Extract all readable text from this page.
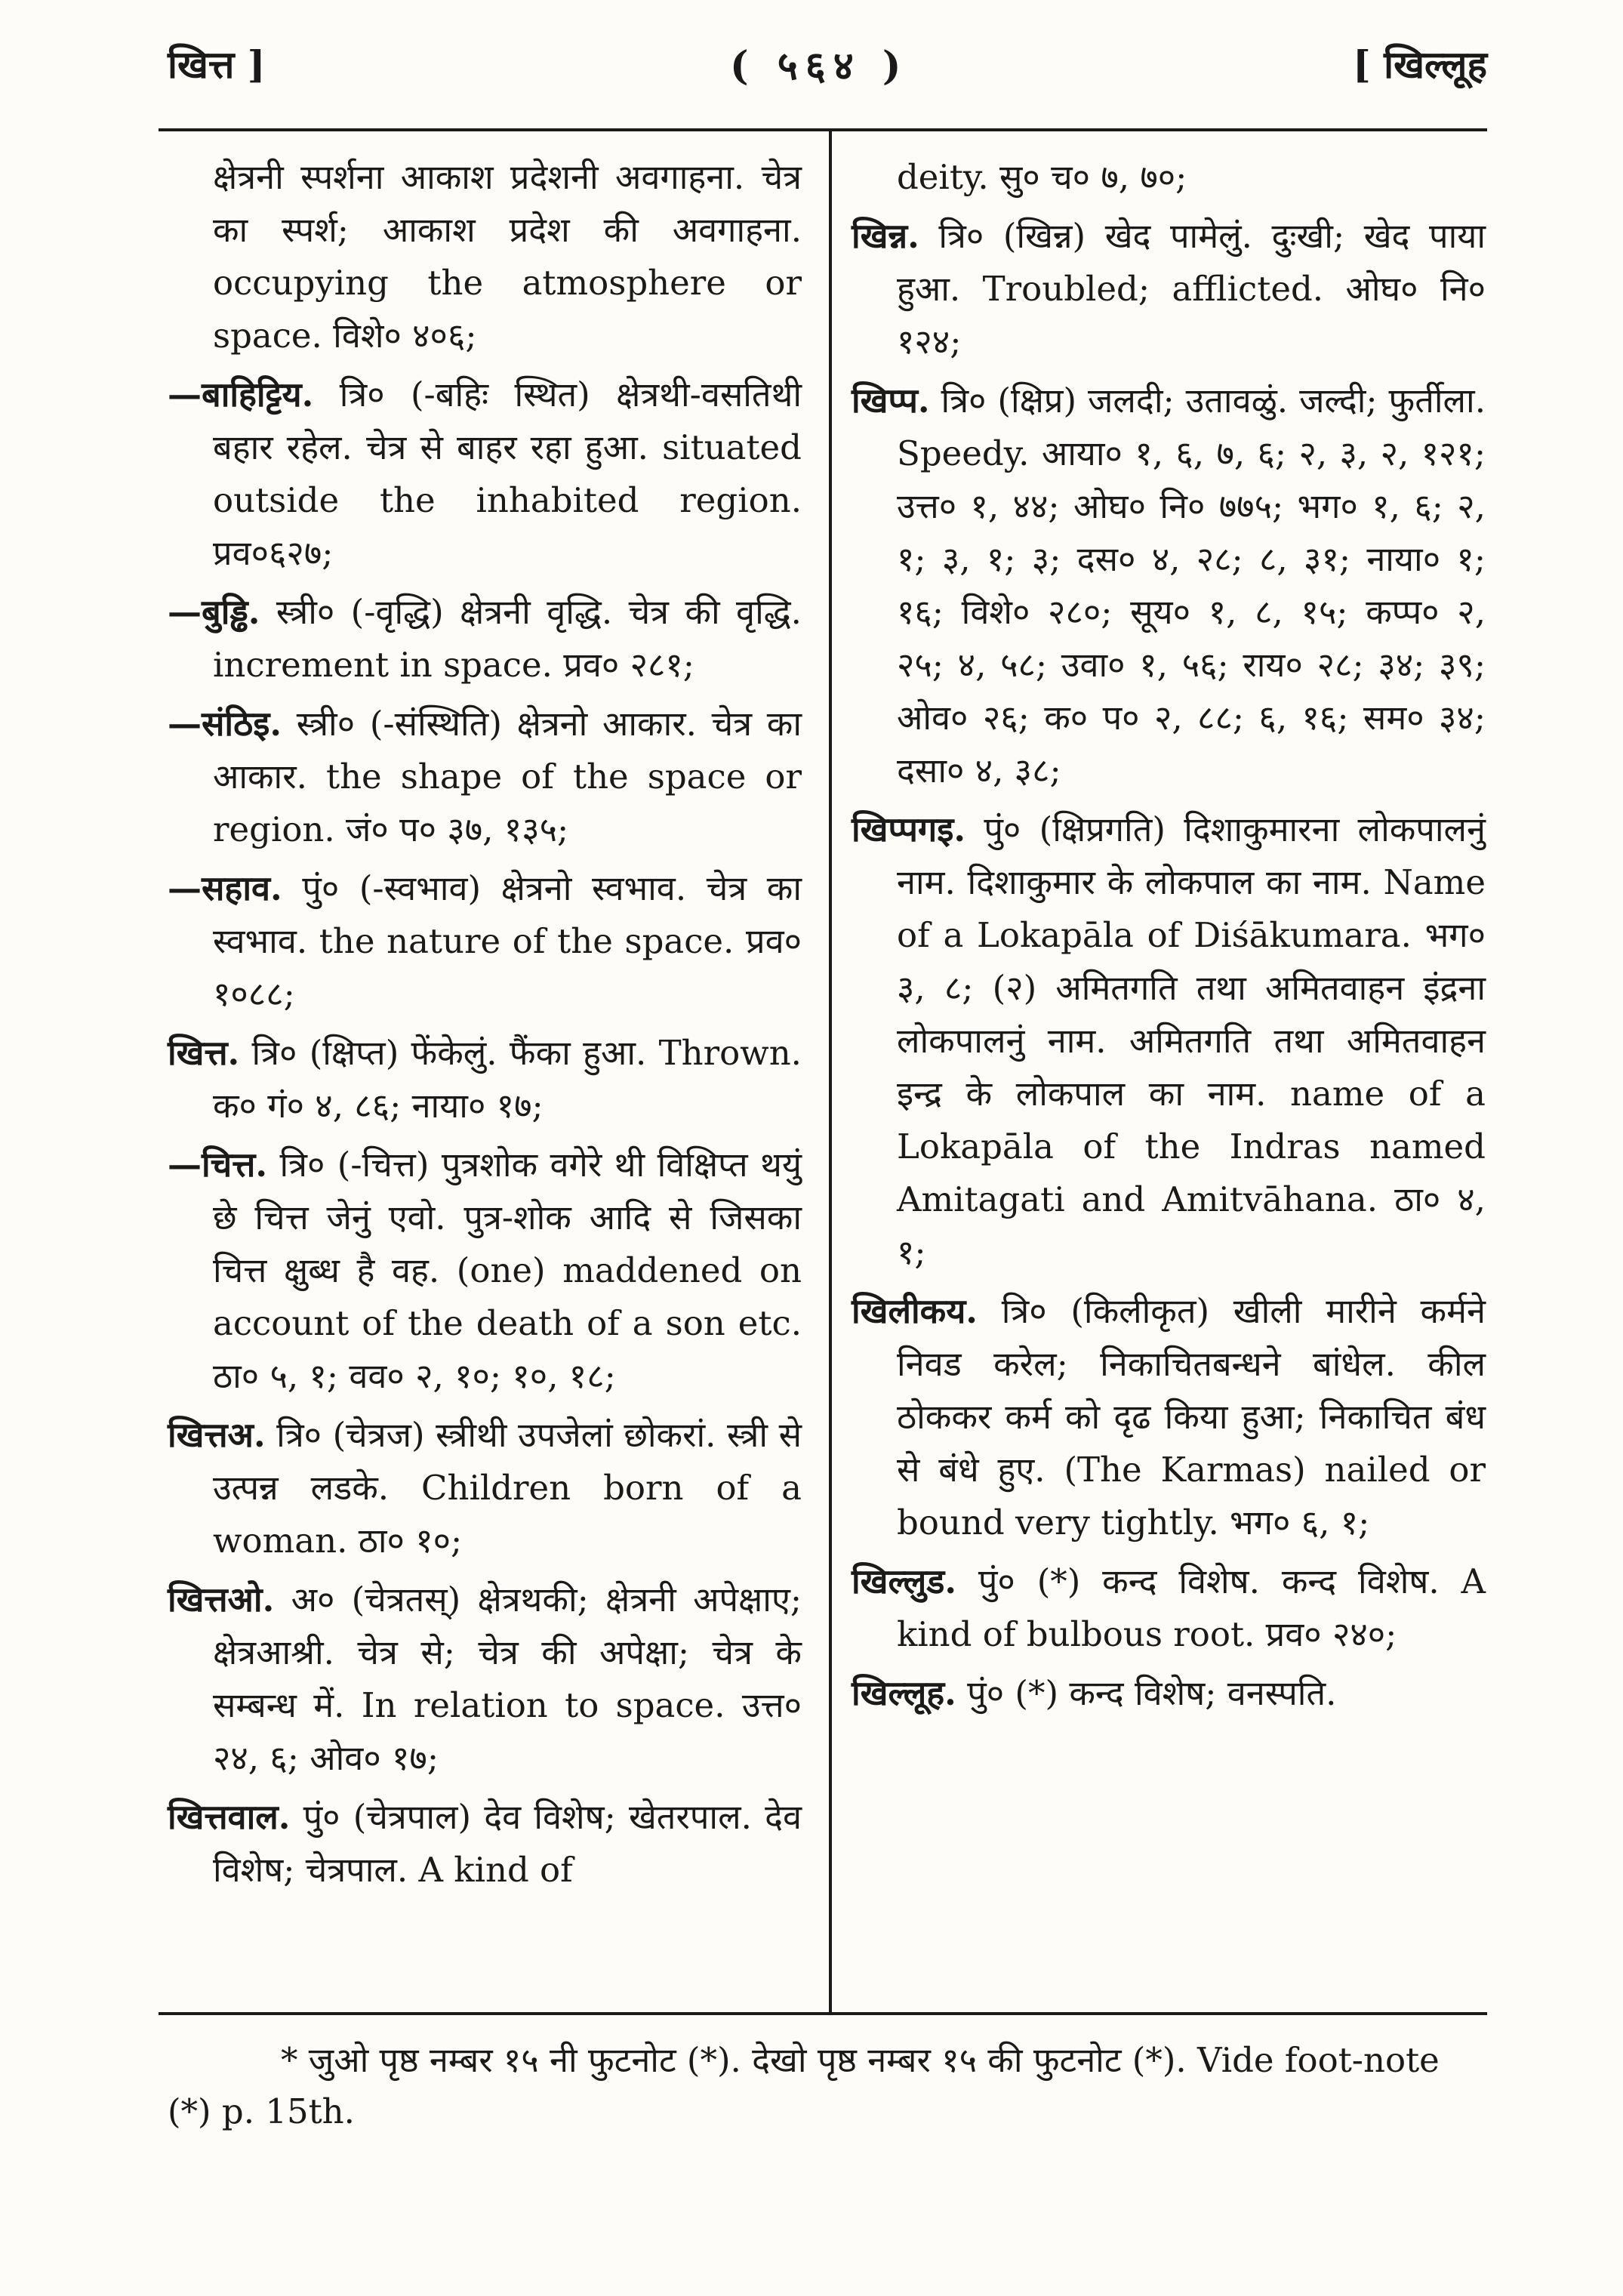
खित्त ]	( ५६४ )	[ खिल्लूह

क्षेत्रनी स्पर्शना आकाश प्रदेशनी अवगाहना. चेत्र का स्पर्श; आकाश प्रदेश की अवगाहना. occupying the atmosphere or space. विशे० ४०६;

—बाहिट्टिय. त्रि० (-बहिः स्थित) क्षेत्रथी-वसतिथी बहार रहेल. चेत्र से बाहर रहा हुआ. situated outside the inhabited region. प्रव०६२७;

—बुड्ढि. स्त्री० (-वृद्धि) क्षेत्रनी वृद्धि. चेत्र की वृद्धि. increment in space. प्रव० २८१;

—संठिइ. स्त्री० (-संस्थिति) क्षेत्रनो आकार. चेत्र का आकार. the shape of the space or region. जं० प० ३७, १३५;

—सहाव. पुं० (-स्वभाव) क्षेत्रनो स्वभाव. चेत्र का स्वभाव. the nature of the space. प्रव० १०८८;

खित्त. त्रि० (क्षिप्त) फेंकेलुं. फैंका हुआ. Thrown. क० गं० ४, ८६; नाया० १७;

—चित्त. त्रि० (-चित्त) पुत्रशोक वगेरे थी विक्षिप्त थयुं छे चित्त जेनुं एवो. पुत्र-शोक आदि से जिसका चित्त क्षुब्ध है वह. (one) maddened on account of the death of a son etc. ठा० ५, १; वव० २, १०; १०, १८;

खित्तअ. त्रि० (चेत्रज) स्त्रीथी उपजेलां छोकरां. स्त्री से उत्पन्न लडके. Children born of a woman. ठा० १०;

खित्तओ. अ० (चेत्रतस्) क्षेत्रथकी; क्षेत्रनी अपेक्षाए; क्षेत्रआश्री. चेत्र से; चेत्र की अपेक्षा; चेत्र के सम्बन्ध में. In relation to space. उत्त० २४, ६; ओव० १७;

खित्तवाल. पुं० (चेत्रपाल) देव विशेष; खेतरपाल. देव विशेष; चेत्रपाल. A kind of

deity. सु० च० ७, ७०;

खिन्न. त्रि० (खिन्न) खेद पामेलुं. दुःखी; खेद पाया हुआ. Troubled; afflicted. ओघ० नि० १२४;

खिप्प. त्रि० (क्षिप्र) जलदी; उतावळुं. जल्दी; फुर्तीला. Speedy. आया० १, ६, ७, ६; २, ३, २, १२१; उत्त० १, ४४; ओघ० नि० ७७५; भग० १, ६; २, १; ३, १; ३; दस० ४, २८; ८, ३१; नाया० १; १६; विशे० २८०; सूय० १, ८, १५; कप्प० २, २५; ४, ५८; उवा० १, ५६; राय० २८; ३४; ३९; ओव० २६; क० प० २, ८८; ६, १६; सम० ३४; दसा० ४, ३८;

खिप्पगइ. पुं० (क्षिप्रगति) दिशाकुमारना लोकपालनुं नाम. दिशाकुमार के लोकपाल का नाम. Name of a Lokapāla of Diśākumara. भग० ३, ८; (२) अमितगति तथा अमितवाहन इंद्रना लोकपालनुं नाम. अमितगति तथा अमितवाहन इन्द्र के लोकपाल का नाम. name of a Lokapāla of the Indras named Amitagati and Amitvāhana. ठा० ४, १;

खिलीकय. त्रि० (किलीकृत) खीली मारीने कर्मने निवड करेल; निकाचितबन्धने बांधेल. कील ठोककर कर्म को दृढ किया हुआ; निकाचित बंध से बंधे हुए. (The Karmas) nailed or bound very tightly. भग० ६, १;

खिल्लुड. पुं० (*) कन्द विशेष. कन्द विशेष. A kind of bulbous root. प्रव० २४०;

खिल्लूह. पुं० (*) कन्द विशेष; वनस्पति.

* जुओ पृष्ठ नम्बर १५ नी फुटनोट (*). देखो पृष्ठ नम्बर १५ की फुटनोट (*). Vide foot-note (*) p. 15th.
